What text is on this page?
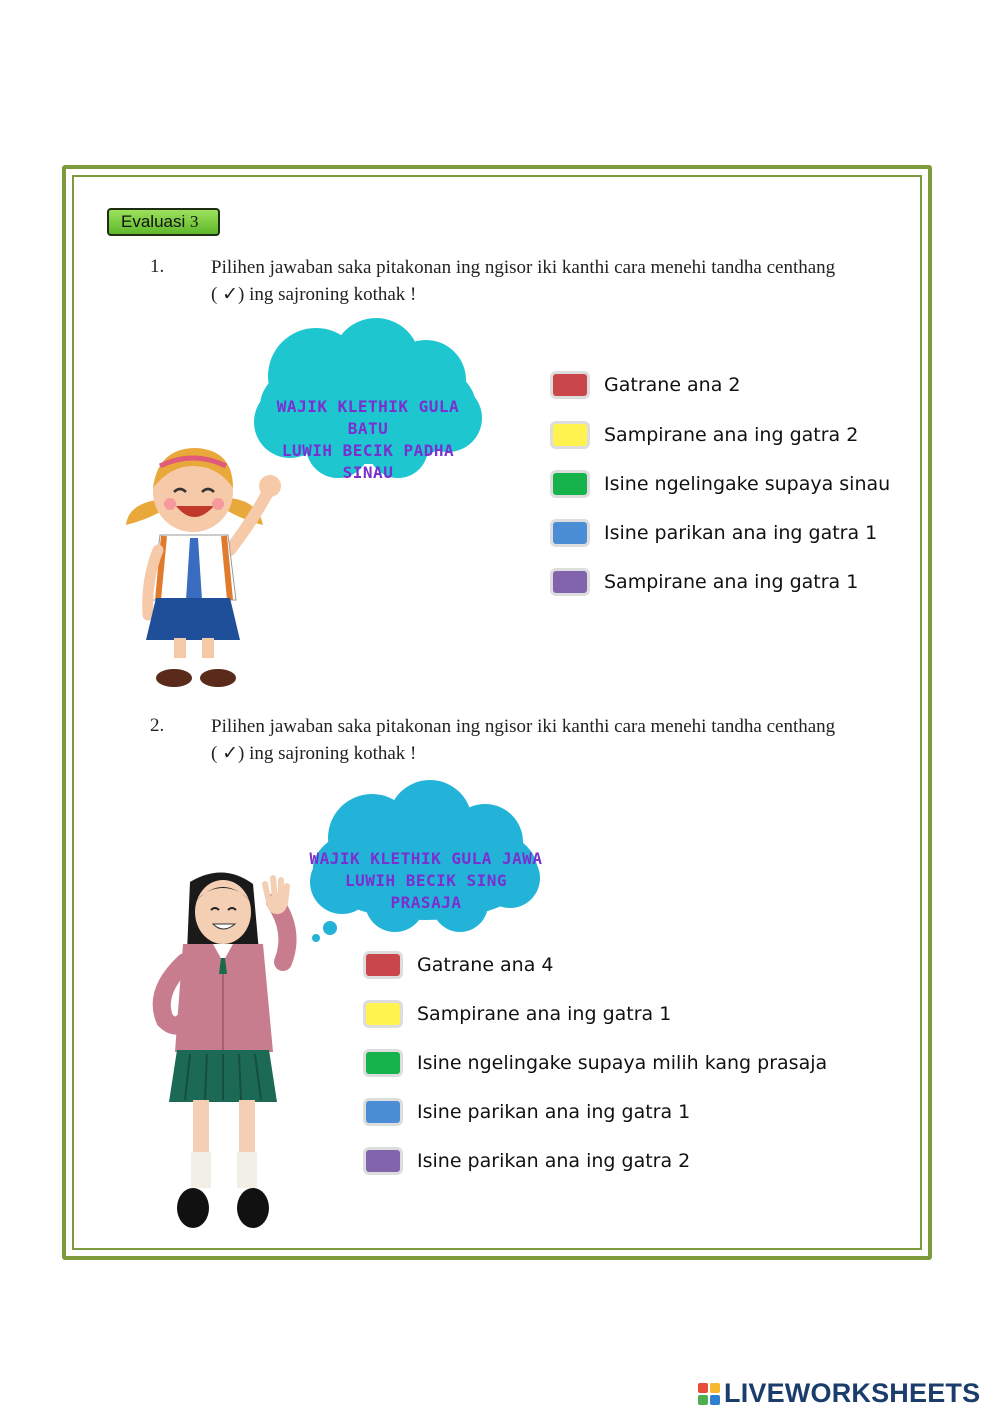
Evaluasi 3
1. Pilihen jawaban saka pitakonan ing ngisor iki kanthi cara menehi tandha centhang
( ✓) ing sajroning kothak !
WAJIK KLETHIK GULA BATU
LUWIH BECIK PADHA SINAU
Gatrane ana 2
Sampirane ana ing gatra 2
Isine ngelingake supaya sinau
Isine parikan ana ing gatra 1
Sampirane ana ing gatra 1
2. Pilihen jawaban saka pitakonan ing ngisor iki kanthi cara menehi tandha centhang
( ✓) ing sajroning kothak !
WAJIK KLETHIK GULA JAWA
LUWIH BECIK SING PRASAJA
Gatrane ana 4
Sampirane ana ing gatra 1
Isine ngelingake supaya milih kang prasaja
Isine parikan ana ing gatra 1
Isine parikan ana ing gatra 2
LIVEWORKSHEETS
